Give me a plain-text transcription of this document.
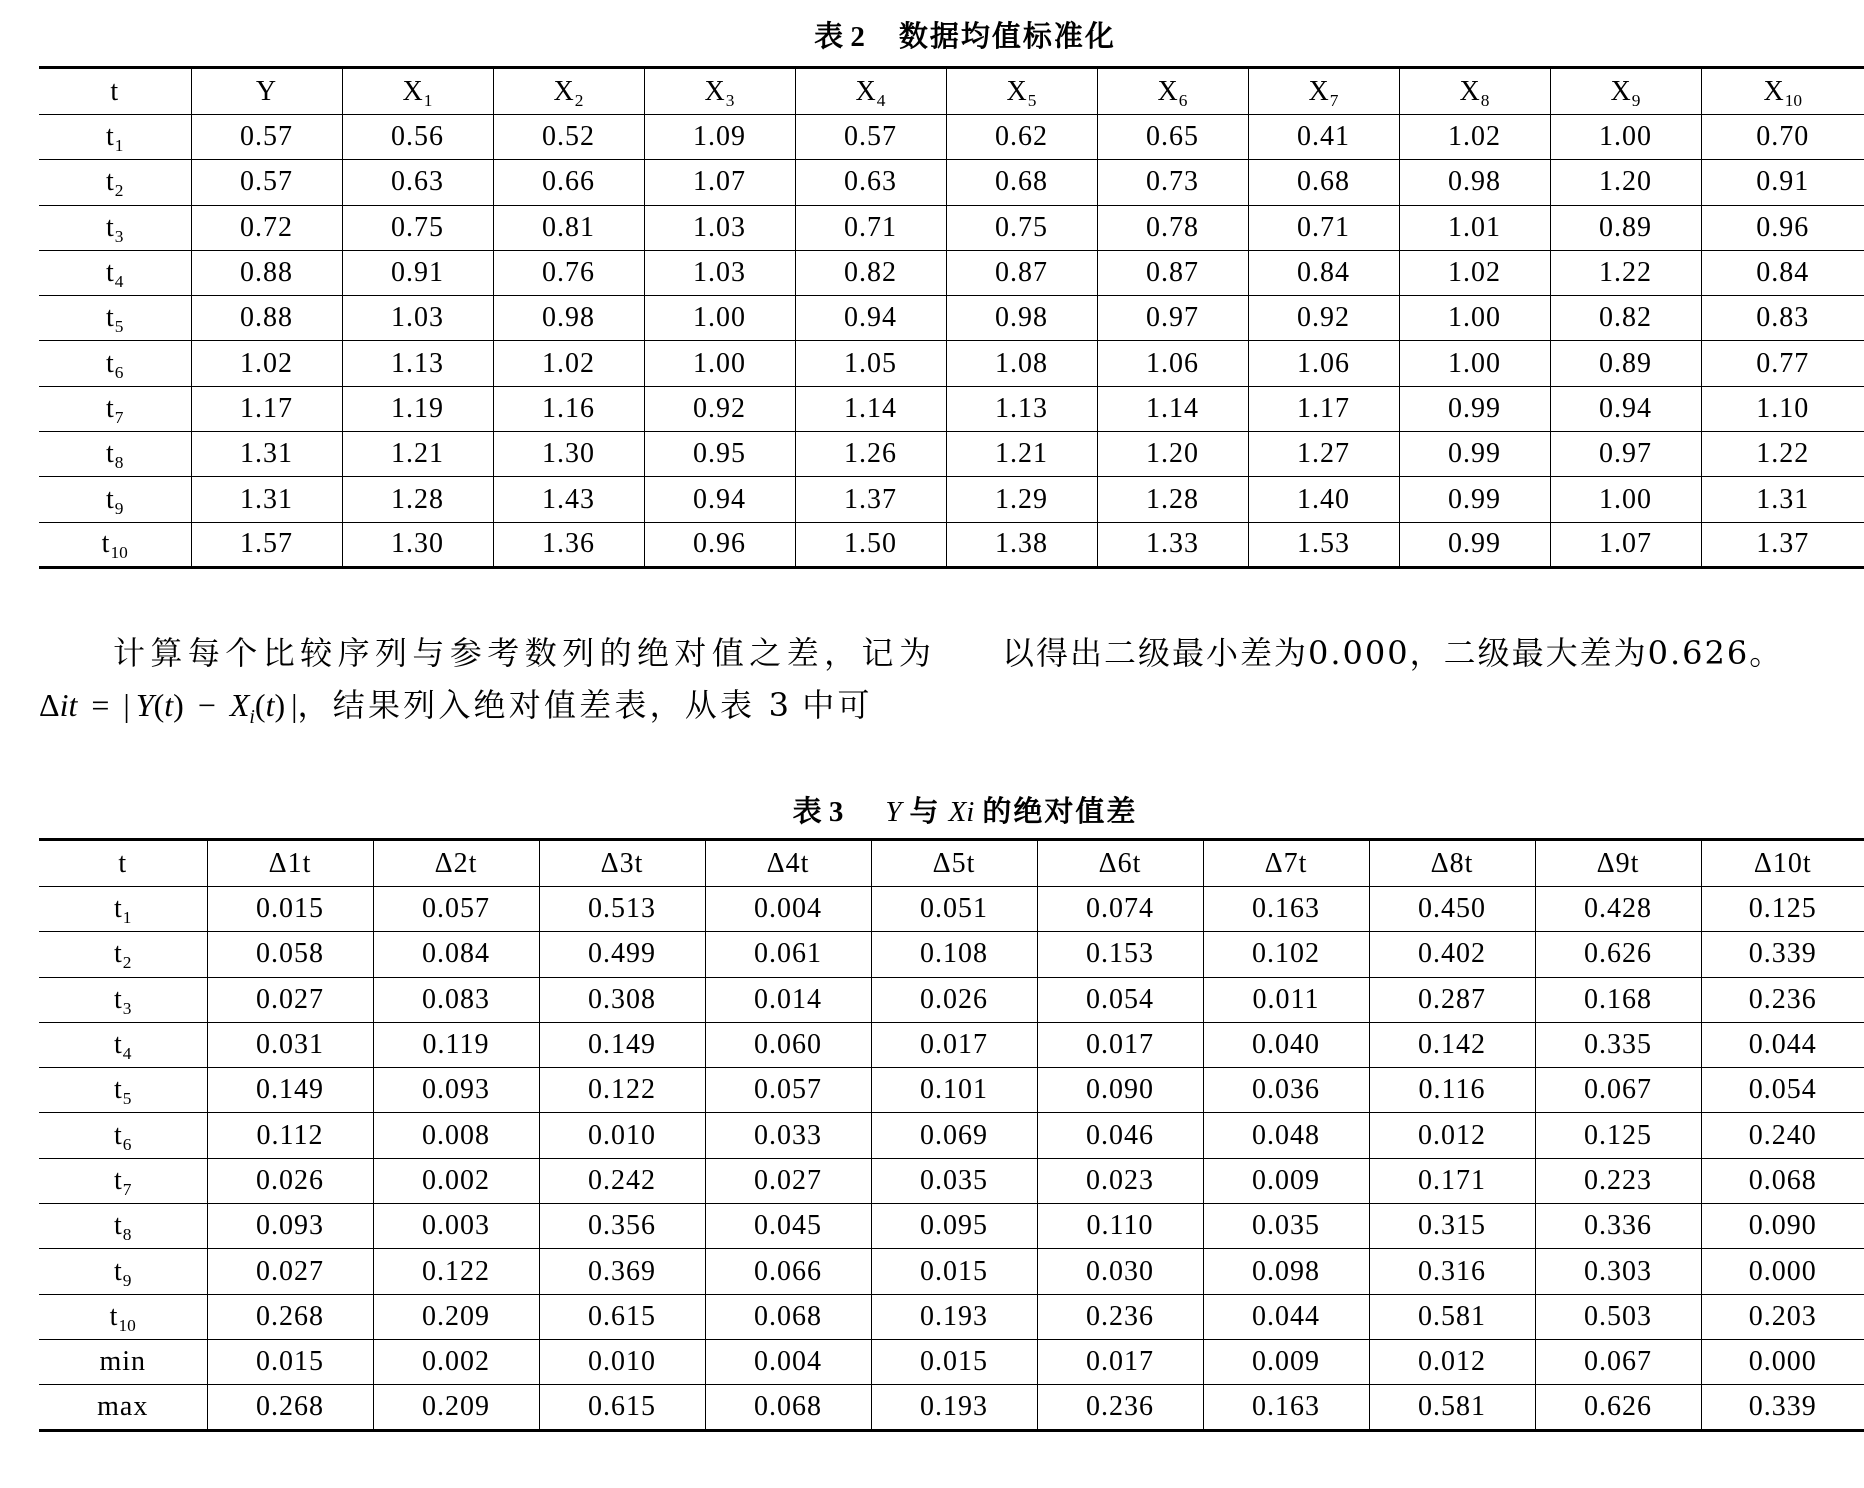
表 2 数据均值标准化
t	Y	$X_1$	$X_2$	$X_3$	$X_4$	$X_5$	$X_6$	$X_7$	$X_8$	$X_9$	$X_{10}$
$t_1$	0.57	0.56	0.52	1.09	0.57	0.62	0.65	0.41	1.02	1.00	0.70
$t_2$	0.57	0.63	0.66	1.07	0.63	0.68	0.73	0.68	0.98	1.20	0.91
$t_3$	0.72	0.75	0.81	1.03	0.71	0.75	0.78	0.71	1.01	0.89	0.96
$t_4$	0.88	0.91	0.76	1.03	0.82	0.87	0.87	0.84	1.02	1.22	0.84
$t_5$	0.88	1.03	0.98	1.00	0.94	0.98	0.97	0.92	1.00	0.82	0.83
$t_6$	1.02	1.13	1.02	1.00	1.05	1.08	1.06	1.06	1.00	0.89	0.77
$t_7$	1.17	1.19	1.16	0.92	1.14	1.13	1.14	1.17	0.99	0.94	1.10
$t_8$	1.31	1.21	1.30	0.95	1.26	1.21	1.20	1.27	0.99	0.97	1.22
$t_9$	1.31	1.28	1.43	0.94	1.37	1.29	1.28	1.40	0.99	1.00	1.31
$t_{10}$	1.57	1.30	1.36	0.96	1.50	1.38	1.33	1.53	0.99	1.07	1.37
计算每个比较序列与参考数列的绝对值之差，记为
Δit = | $Y(t) - X_i(t)$ |，结果列入绝对值差表，从表 3 中可
以得出二级最小差为0.000，二级最大差为0.626。
表 3 Y 与 Xi 的绝对值差
t	Δ1t	Δ2t	Δ3t	Δ4t	Δ5t	Δ6t	Δ7t	Δ8t	Δ9t	Δ10t
$t_1$	0.015	0.057	0.513	0.004	0.051	0.074	0.163	0.450	0.428	0.125
$t_2$	0.058	0.084	0.499	0.061	0.108	0.153	0.102	0.402	0.626	0.339
$t_3$	0.027	0.083	0.308	0.014	0.026	0.054	0.011	0.287	0.168	0.236
$t_4$	0.031	0.119	0.149	0.060	0.017	0.017	0.040	0.142	0.335	0.044
$t_5$	0.149	0.093	0.122	0.057	0.101	0.090	0.036	0.116	0.067	0.054
$t_6$	0.112	0.008	0.010	0.033	0.069	0.046	0.048	0.012	0.125	0.240
$t_7$	0.026	0.002	0.242	0.027	0.035	0.023	0.009	0.171	0.223	0.068
$t_8$	0.093	0.003	0.356	0.045	0.095	0.110	0.035	0.315	0.336	0.090
$t_9$	0.027	0.122	0.369	0.066	0.015	0.030	0.098	0.316	0.303	0.000
$t_{10}$	0.268	0.209	0.615	0.068	0.193	0.236	0.044	0.581	0.503	0.203
min	0.015	0.002	0.010	0.004	0.015	0.017	0.009	0.012	0.067	0.000
max	0.268	0.209	0.615	0.068	0.193	0.236	0.163	0.581	0.626	0.339
